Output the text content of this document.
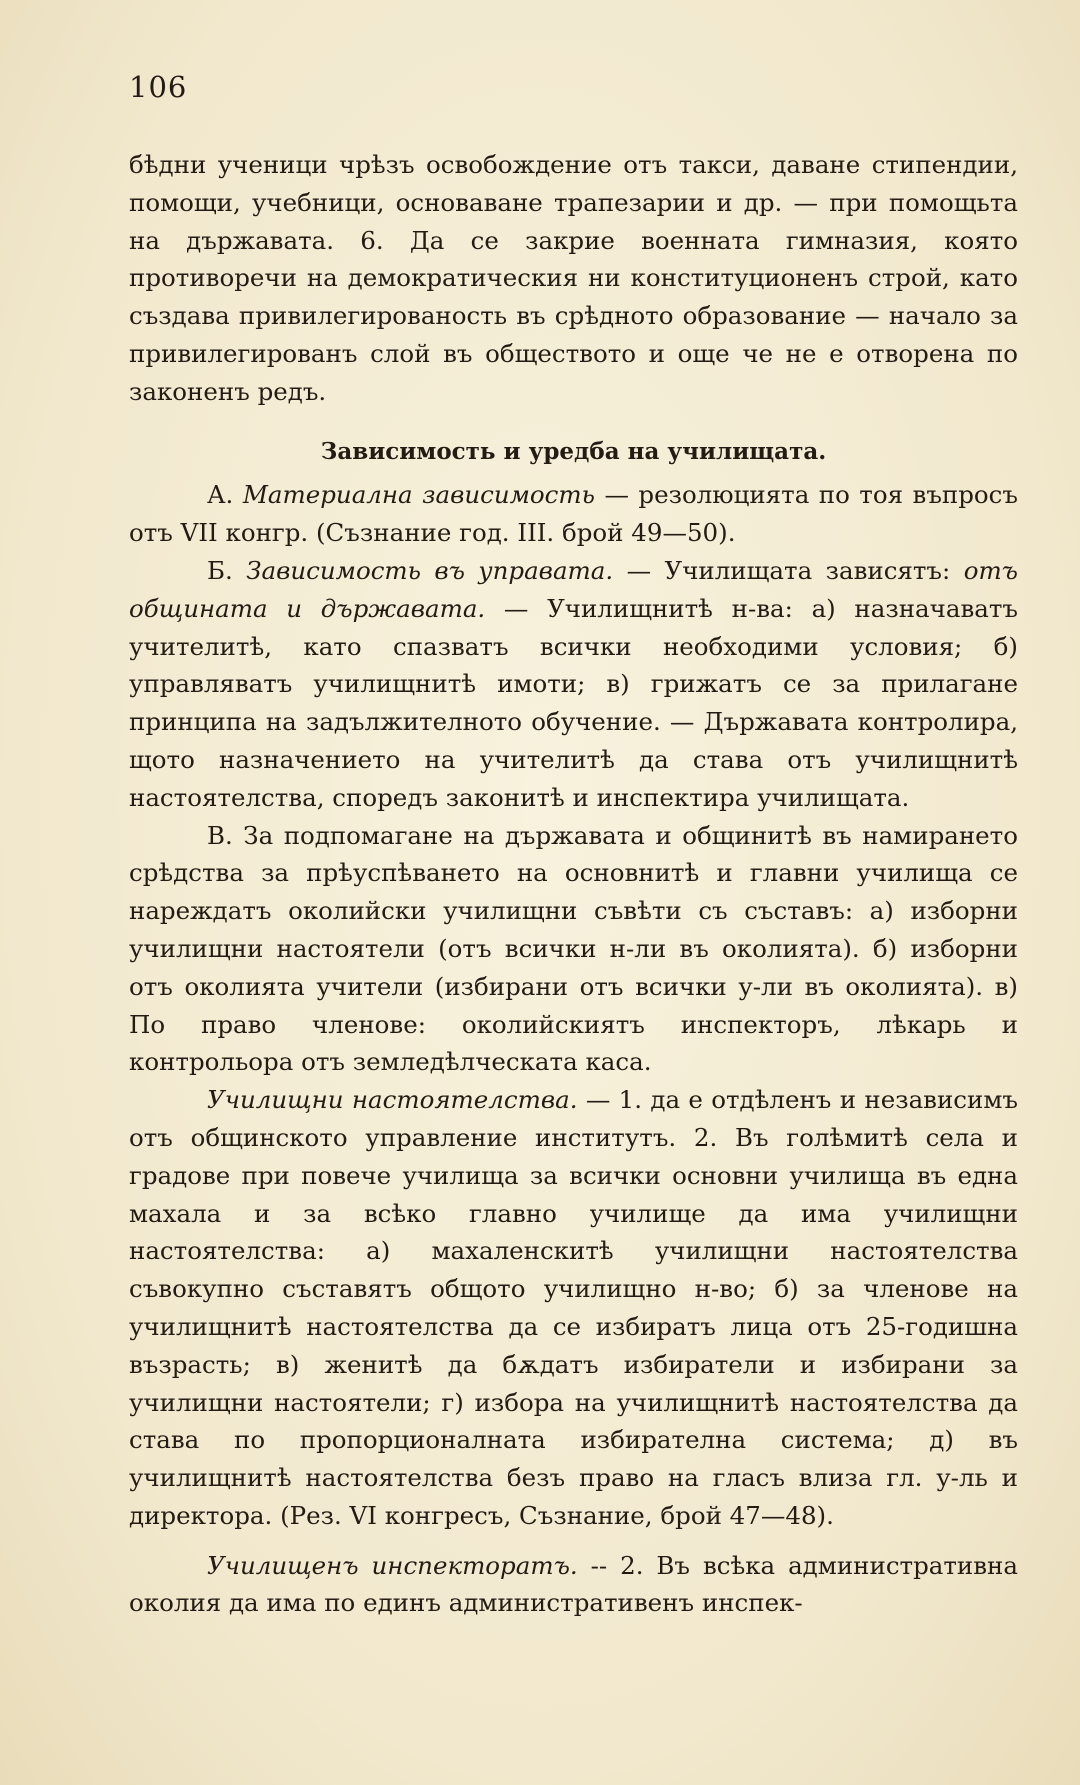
106

бѣдни ученици чрѣзъ освобождение отъ такси, даване стипендии, помощи, учебници, основаване трапезарии и др. — при помощьта на държавата. 6. Да се закрие военната гимназия, която противоречи на демократическия ни конституционенъ строй, като създава привилегированость въ срѣдното образование — начало за привилегированъ слой въ обществото и още че не е отворена по законенъ редъ.

Зависимость и уредба на училищата.

А. Материална зависимость — резолюцията по тоя въпросъ отъ VII конгр. (Съзнание год. III. брой 49—50).

Б. Зависимость въ управата. — Училищата зависятъ: отъ общината и държавата. — Училищнитѣ н-ва: а) назначаватъ учителитѣ, като спазватъ всички необходими условия; б) управляватъ училищнитѣ имоти; в) грижатъ се за прилагане принципа на задължителното обучение. — Държавата контролира, щото назначението на учителитѣ да става отъ училищнитѣ настоятелства, споредъ законитѣ и инспектира училищата.

В. За подпомагане на държавата и общинитѣ въ намирането срѣдства за прѣуспѣването на основнитѣ и главни училища се нареждатъ околийски училищни съвѣти съ съставъ: а) изборни училищни настоятели (отъ всички н-ли въ околията). б) изборни отъ околията учители (избирани отъ всички у-ли въ околията). в) По право членове: околийскиятъ инспекторъ, лѣкарь и контрольора отъ земледѣлческата каса.

Училищни настоятелства. — 1. да е отдѣленъ и независимъ отъ общинското управление институтъ. 2. Въ голѣмитѣ села и градове при повече училища за всички основни училища въ една махала и за всѣко главно училище да има училищни настоятелства: а) махаленскитѣ училищни настоятелства съвокупно съставятъ общото училищно н-во; б) за членове на училищнитѣ настоятелства да се избиратъ лица отъ 25-годишна възрасть; в) женитѣ да бѫдатъ избиратели и избирани за училищни настоятели; г) избора на училищнитѣ настоятелства да става по пропорционалната избирателна система; д) въ училищнитѣ настоятелства безъ право на гласъ влиза гл. у-ль и директора. (Рез. VI конгресъ, Съзнание, брой 47—48).

Училищенъ инспекторатъ. -- 2. Въ всѣка административна околия да има по единъ административенъ инспек-
